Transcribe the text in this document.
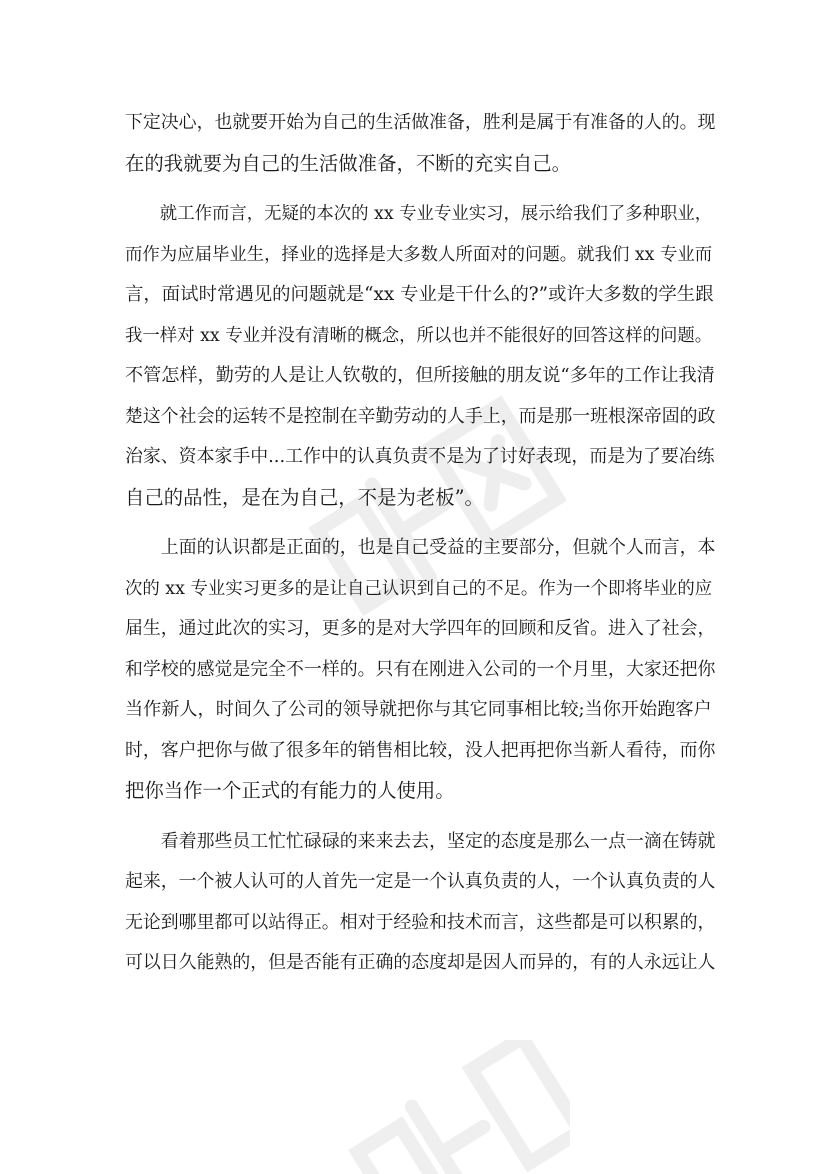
下定决心，也就要开始为自己的生活做准备，胜利是属于有准备的人的。现
在的我就要为自己的生活做准备，不断的充实自己。

就工作而言，无疑的本次的 xx 专业专业实习，展示给我们了多种职业，
而作为应届毕业生，择业的选择是大多数人所面对的问题。就我们 xx 专业而
言，面试时常遇见的问题就是“xx 专业是干什么的?”或许大多数的学生跟
我一样对 xx 专业并没有清晰的概念，所以也并不能很好的回答这样的问题。
不管怎样，勤劳的人是让人钦敬的，但所接触的朋友说“多年的工作让我清
楚这个社会的运转不是控制在辛勤劳动的人手上，而是那一班根深帝固的政
治家、资本家手中...工作中的认真负责不是为了讨好表现，而是为了要冶练
自己的品性，是在为自己，不是为老板”。

上面的认识都是正面的，也是自己受益的主要部分，但就个人而言，本
次的 xx 专业实习更多的是让自己认识到自己的不足。作为一个即将毕业的应
届生，通过此次的实习，更多的是对大学四年的回顾和反省。进入了社会，
和学校的感觉是完全不一样的。只有在刚进入公司的一个月里，大家还把你
当作新人，时间久了公司的领导就把你与其它同事相比较;当你开始跑客户
时，客户把你与做了很多年的销售相比较，没人把再把你当新人看待，而你
把你当作一个正式的有能力的人使用。

看着那些员工忙忙碌碌的来来去去，坚定的态度是那么一点一滴在铸就
起来，一个被人认可的人首先一定是一个认真负责的人，一个认真负责的人
无论到哪里都可以站得正。相对于经验和技术而言，这些都是可以积累的，
可以日久能熟的，但是否能有正确的态度却是因人而异的，有的人永远让人
